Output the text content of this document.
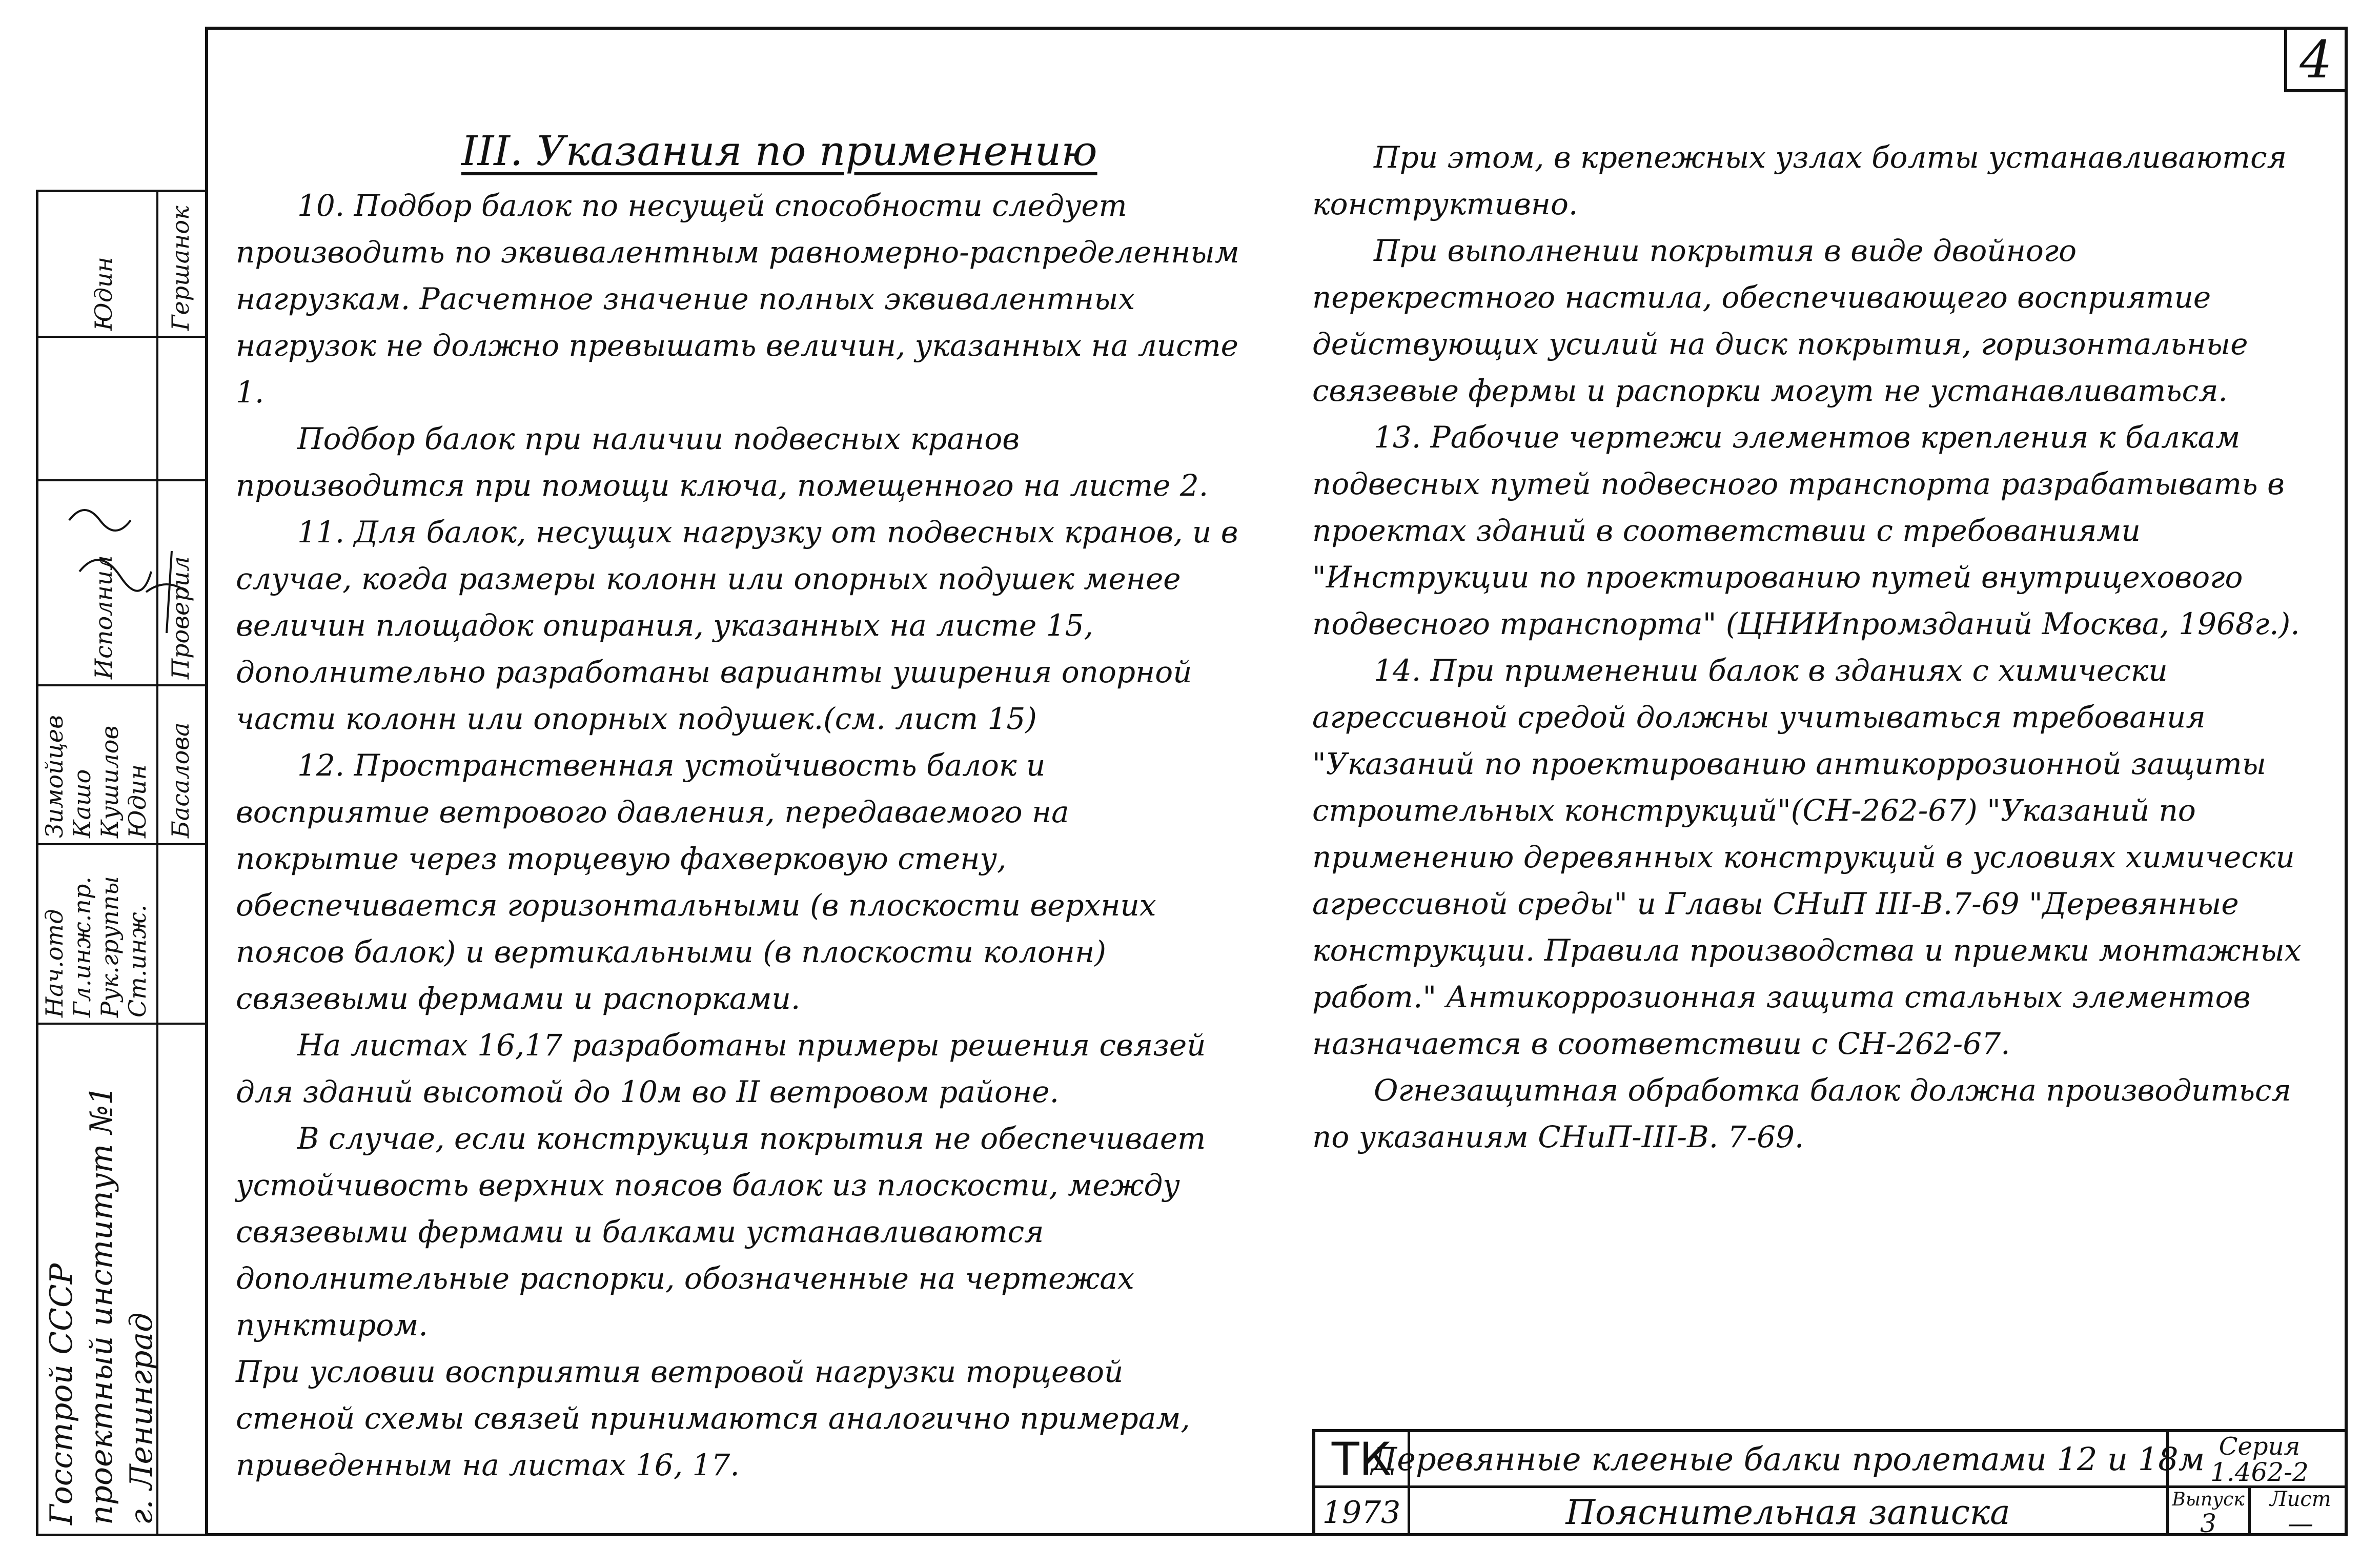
4
III. Указания по применению

10. Подбор балок по несущей способности следует производить по эквивалентным равномерно-распределенным нагрузкам. Расчетное значение полных эквивалентных нагрузок не должно превышать величин, указанных на листе 1.

Подбор балок при наличии подвесных кранов производится при помощи ключа, помещенного на листе 2.

11. Для балок, несущих нагрузку от подвесных кранов, и в случае, когда размеры колонн или опорных подушек менее величин площадок опирания, указанных на листе 15, дополнительно разработаны варианты уширения опорной части колонн или опорных подушек.(см. лист 15)

12. Пространственная устойчивость балок и восприятие ветрового давления, передаваемого на покрытие через торцевую фахверковую стену, обеспечивается горизонтальными (в плоскости верхних поясов балок) и вертикальными (в плоскости колонн) связевыми фермами и распорками.

На листах 16,17 разработаны примеры решения связей для зданий высотой до 10м во II ветровом районе.

В случае, если конструкция покрытия не обеспечивает устойчивость верхних поясов балок из плоскости, между связевыми фермами и балками устанавливаются дополнительные распорки, обозначенные на чертежах пунктиром.

При условии восприятия ветровой нагрузки торцевой стеной схемы связей принимаются аналогично примерам, приведенным на листах 16, 17.

При этом, в крепежных узлах болты устанавливаются конструктивно.

При выполнении покрытия в виде двойного перекрестного настила, обеспечивающего восприятие действующих усилий на диск покрытия, горизонтальные связевые фермы и распорки могут не устанавливаться.

13. Рабочие чертежи элементов крепления к балкам подвесных путей подвесного транспорта разрабатывать в проектах зданий в соответствии с требованиями "Инструкции по проектированию путей внутрицехового подвесного транспорта" (ЦНИИпромзданий Москва, 1968г.).

14. При применении балок в зданиях с химически агрессивной средой должны учитываться требования "Указаний по проектированию антикоррозионной защиты строительных конструкций"(СН-262-67) "Указаний по применению деревянных конструкций в условиях химически агрессивной среды" и Главы СНиП III-В.7-69 "Деревянные конструкции. Правила производства и приемки монтажных работ." Антикоррозионная защита стальных элементов назначается в соответствии с СН-262-67.

Огнезащитная обработка балок должна производиться по указаниям СНиП-III-В. 7-69.

Госстрой СССР проектный институт №1 г. Ленинград
Нач.отд Гл.инж.пр. Рук.группы Ст.инж.
Зимойцев Кашо Кушилов Юдин
Исполнил
Юдин
Басалова
Проверил
Гершанок
ТК
1973
Деревянные клееные балки пролетами 12 и 18м
Пояснительная записка
Серия
1.462-2
Выпуск
3
Лист
—
